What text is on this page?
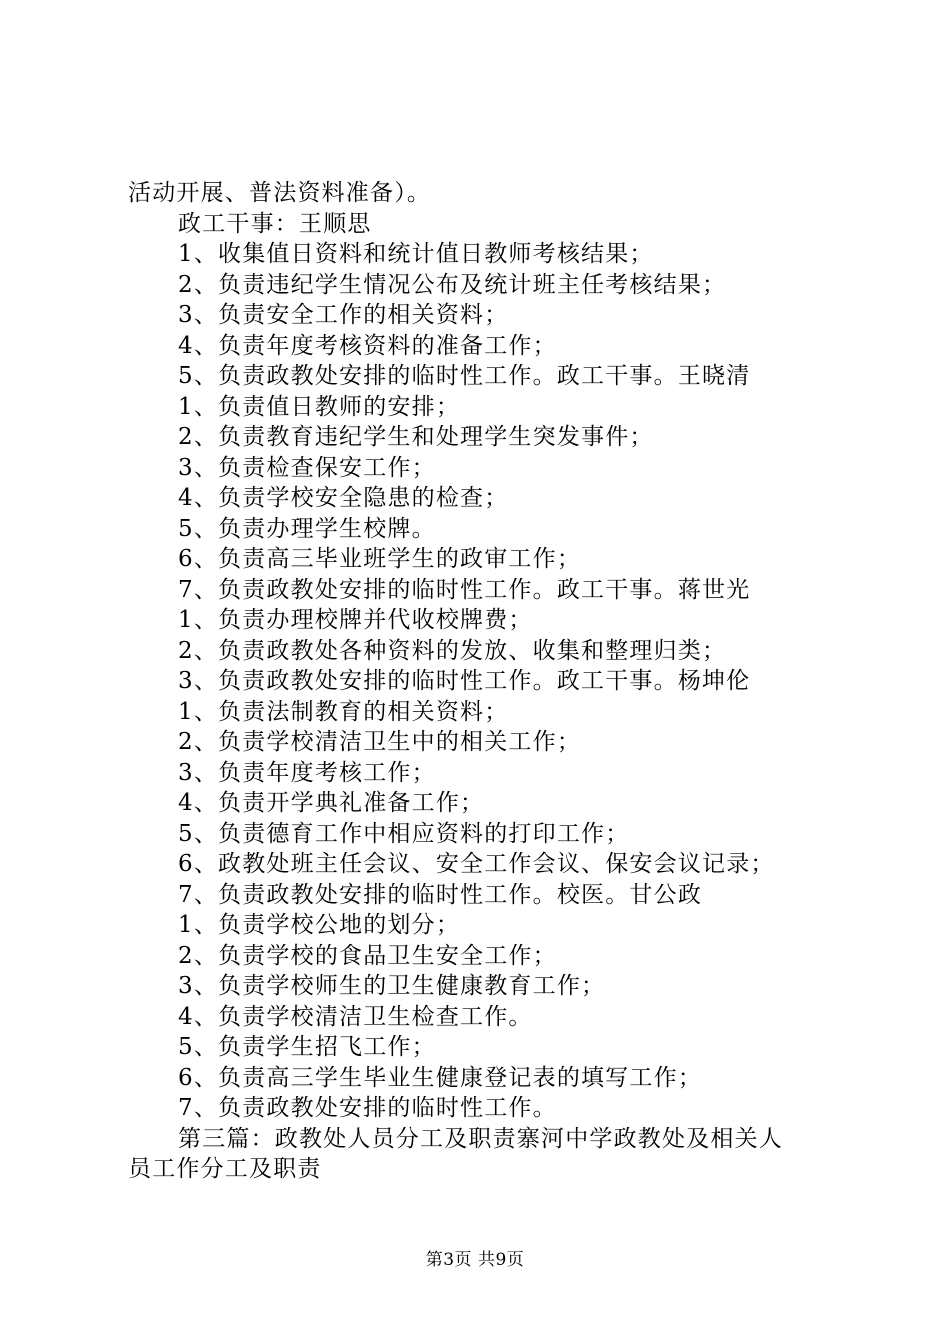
活动开展、普法资料准备）。
政工干事：王顺思
1、收集值日资料和统计值日教师考核结果；
2、负责违纪学生情况公布及统计班主任考核结果；
3、负责安全工作的相关资料；
4、负责年度考核资料的准备工作；
5、负责政教处安排的临时性工作。政工干事。王晓清
1、负责值日教师的安排；
2、负责教育违纪学生和处理学生突发事件；
3、负责检查保安工作；
4、负责学校安全隐患的检查；
5、负责办理学生校牌。
6、负责高三毕业班学生的政审工作；
7、负责政教处安排的临时性工作。政工干事。蒋世光
1、负责办理校牌并代收校牌费；
2、负责政教处各种资料的发放、收集和整理归类；
3、负责政教处安排的临时性工作。政工干事。杨坤伦
1、负责法制教育的相关资料；
2、负责学校清洁卫生中的相关工作；
3、负责年度考核工作；
4、负责开学典礼准备工作；
5、负责德育工作中相应资料的打印工作；
6、政教处班主任会议、安全工作会议、保安会议记录；
7、负责政教处安排的临时性工作。校医。甘公政
1、负责学校公地的划分；
2、负责学校的食品卫生安全工作；
3、负责学校师生的卫生健康教育工作；
4、负责学校清洁卫生检查工作。
5、负责学生招飞工作；
6、负责高三学生毕业生健康登记表的填写工作；
7、负责政教处安排的临时性工作。
第三篇：政教处人员分工及职责寨河中学政教处及相关人
员工作分工及职责
第3页 共9页
